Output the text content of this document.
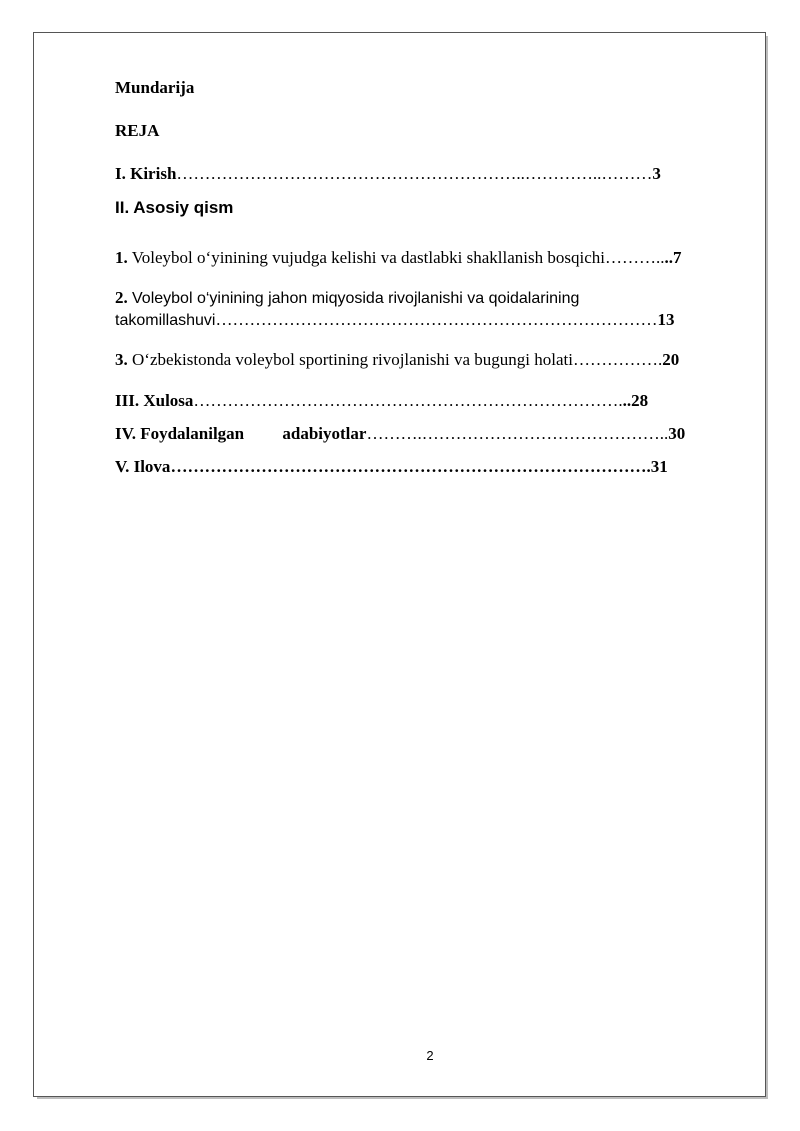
Mundarija
REJA
I. Kirish……………………………………………………..…………..………3
II. Asosiy qism
1. Voleybol o‘yinining vujudga kelishi va dastlabki shakllanish bosqichi………....7
2. Voleybol o‘yinining jahon miqyosida rivojlanishi va qoidalarining
takomillashuvi……………………………………………………………………13
3. O‘zbekistonda voleybol sportining rivojlanishi va bugungi holati…………….20
III. Xulosa…………………………………………………………………...28
IV. Foydalanilgan adabiyotlar……….……………………………………..30
V. Ilova………………………………………………………………………….31
2
